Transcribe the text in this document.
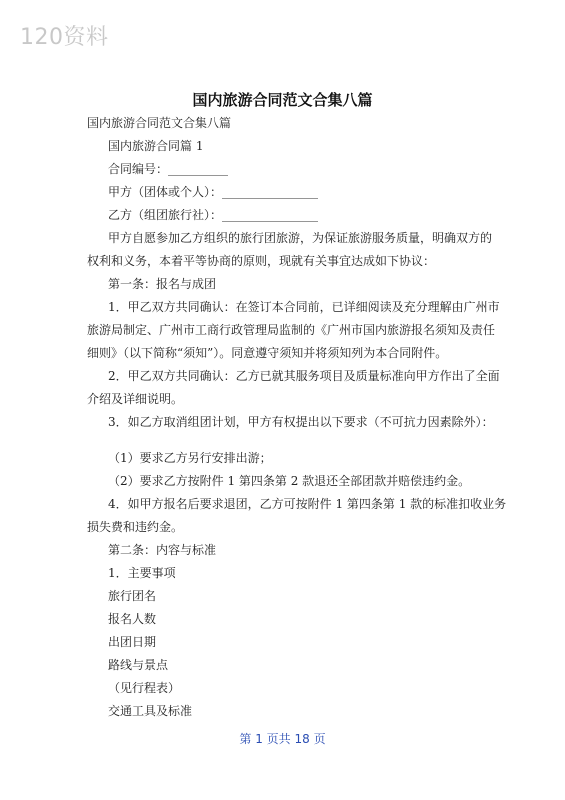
120资料
国内旅游合同范文合集八篇
国内旅游合同范文合集八篇
国内旅游合同篇 1
合同编号：__________
甲方（团体或个人）：________________
乙方（组团旅行社）：________________
甲方自愿参加乙方组织的旅行团旅游，为保证旅游服务质量，明确双方的
权利和义务，本着平等协商的原则，现就有关事宜达成如下协议：
第一条：报名与成团
1．甲乙双方共同确认：在签订本合同前，已详细阅读及充分理解由广州市
旅游局制定、广州市工商行政管理局监制的《广州市国内旅游报名须知及责任
细则》（以下简称“须知”）。同意遵守须知并将须知列为本合同附件。
2．甲乙双方共同确认：乙方已就其服务项目及质量标准向甲方作出了全面
介绍及详细说明。
3．如乙方取消组团计划，甲方有权提出以下要求（不可抗力因素除外）：
（1）要求乙方另行安排出游；
（2）要求乙方按附件 1 第四条第 2 款退还全部团款并赔偿违约金。
4．如甲方报名后要求退团，乙方可按附件 1 第四条第 1 款的标准扣收业务
损失费和违约金。
第二条：内容与标准
1．主要事项
旅行团名
报名人数
出团日期
路线与景点
（见行程表）
交通工具及标准
第 1 页共 18 页
